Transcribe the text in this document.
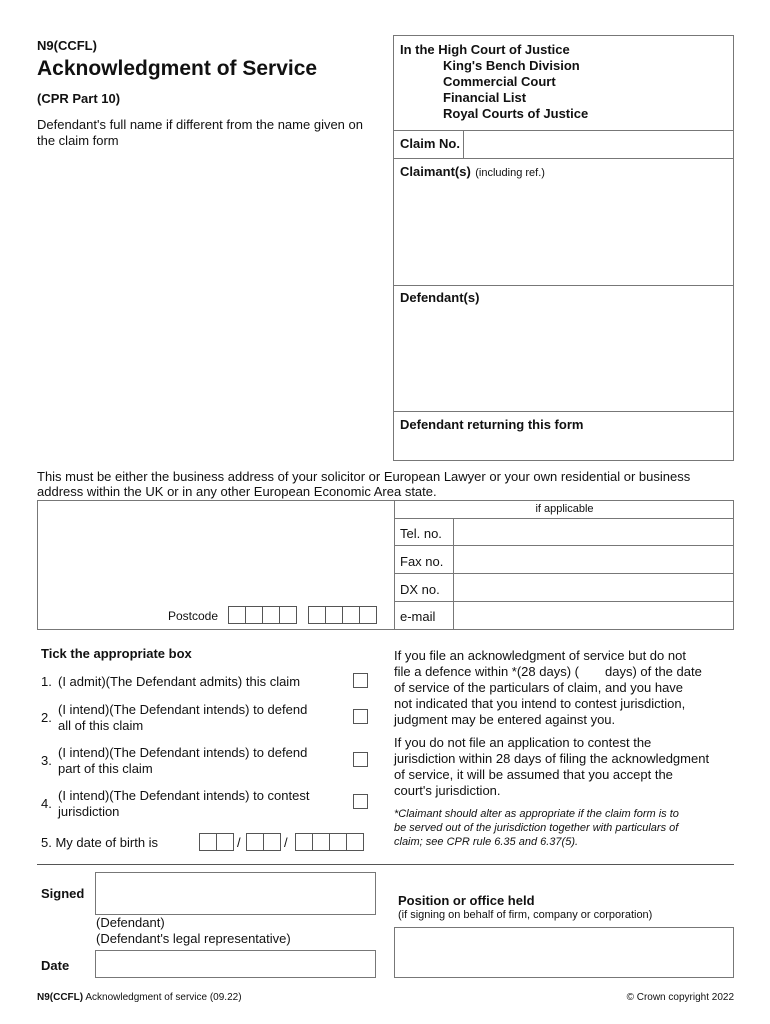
N9(CCFL)
Acknowledgment of Service
(CPR Part 10)
Defendant's full name if different from the name given on the claim form
In the High Court of Justice
King's Bench Division
Commercial Court
Financial List
Royal Courts of Justice
Claim No.
Claimant(s) (including ref.)
Defendant(s)
Defendant returning this form
This must be either the business address of your solicitor or European Lawyer or your own residential or business address within the UK or in any other European Economic Area state.
Postcode
if applicable
Tel. no.
Fax no.
DX no.
e-mail
Tick the appropriate box
1. (I admit)(The Defendant admits) this claim
2.
(I intend)(The Defendant intends) to defend
all of this claim
3.
(I intend)(The Defendant intends) to defend
part of this claim
4.
(I intend)(The Defendant intends) to contest
jurisdiction
5. My date of birth is	/	/
If you file an acknowledgment of service but do not
file a defence within *(28 days) ( days) of the date
of service of the particulars of claim, and you have
not indicated that you intend to contest jurisdiction,
judgment may be entered against you.
If you do not file an application to contest the
jurisdiction within 28 days of filing the acknowledgment
of service, it will be assumed that you accept the
court's jurisdiction.
*Claimant should alter as appropriate if the claim form is to
be served out of the jurisdiction together with particulars of
claim; see CPR rule 6.35 and 6.37(5).
Signed
(Defendant)
(Defendant's legal representative)
Date
Position or office held
(if signing on behalf of firm, company or corporation)
N9(CCFL) Acknowledgment of service (09.22)	© Crown copyright 2022
